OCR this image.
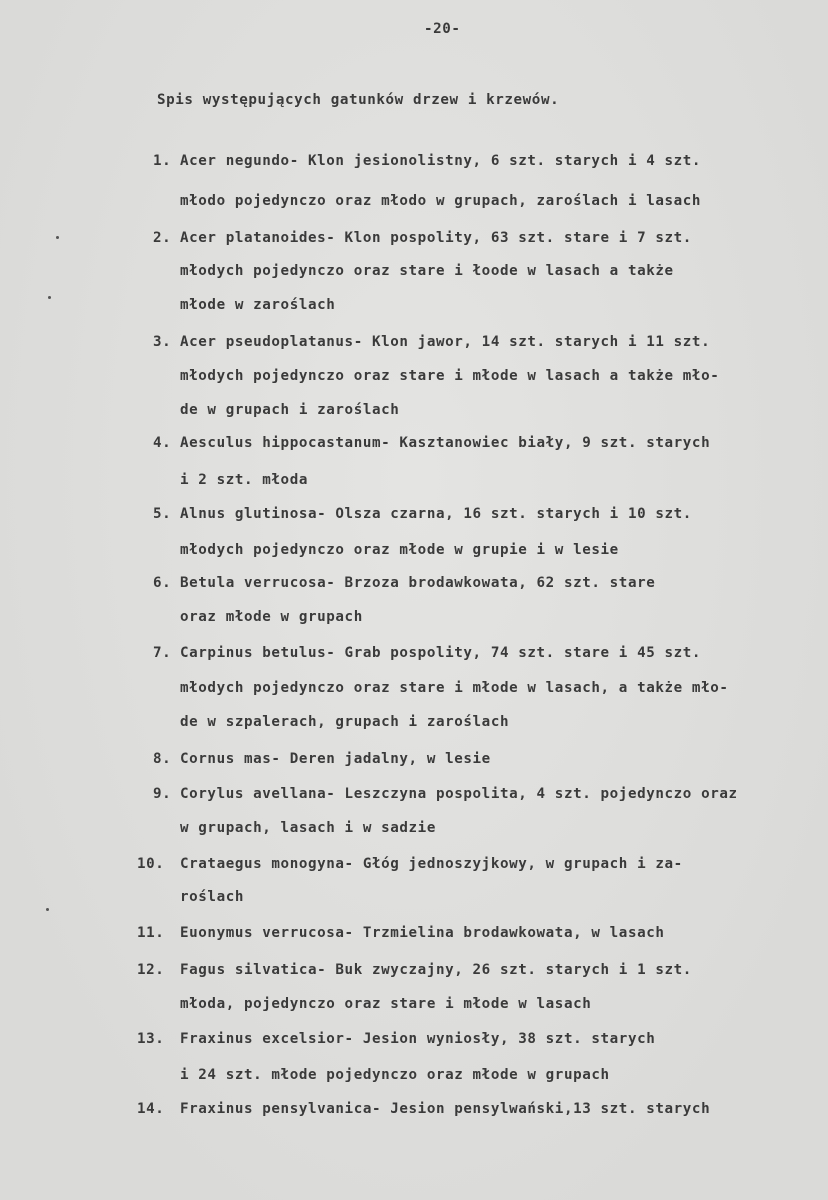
-20-

Spis występujących gatunków drzew i krzewów.

1. Acer negundo- Klon jesionolistny, 6 szt. starych i 4 szt.

młodo pojedynczo oraz młodo w grupach, zaroślach i lasach

2. Acer platanoides- Klon pospolity, 63 szt. stare i 7 szt.

młodych pojedynczo oraz stare i łoode w lasach a także

młode w zaroślach

3. Acer pseudoplatanus- Klon jawor, 14 szt. starych i 11 szt.

młodych pojedynczo oraz stare i młode w lasach a także mło-

de w grupach i zaroślach

4. Aesculus hippocastanum- Kasztanowiec biały, 9 szt. starych

i 2 szt. młoda

5. Alnus glutinosa- Olsza czarna, 16 szt. starych i 10 szt.

młodych pojedynczo oraz młode w grupie i w lesie

6. Betula verrucosa- Brzoza brodawkowata, 62 szt. stare

oraz młode w grupach

7. Carpinus betulus- Grab pospolity, 74 szt. stare i 45 szt.

młodych pojedynczo oraz stare i młode w lasach, a także mło-

de w szpalerach, grupach i zaroślach

8. Cornus mas- Deren jadalny, w lesie

9. Corylus avellana- Leszczyna pospolita, 4 szt. pojedynczo oraz

w grupach, lasach i w sadzie

10. Crataegus monogyna- Głóg jednoszyjkowy, w grupach i za-

roślach

11. Euonymus verrucosa- Trzmielina brodawkowata, w lasach

12. Fagus silvatica- Buk zwyczajny, 26 szt. starych i 1 szt.

młoda, pojedynczo oraz stare i młode w lasach

13. Fraxinus excelsior- Jesion wyniosły, 38 szt. starych

i 24 szt. młode pojedynczo oraz młode w grupach

14. Fraxinus pensylvanica- Jesion pensylwański,13 szt. starych
